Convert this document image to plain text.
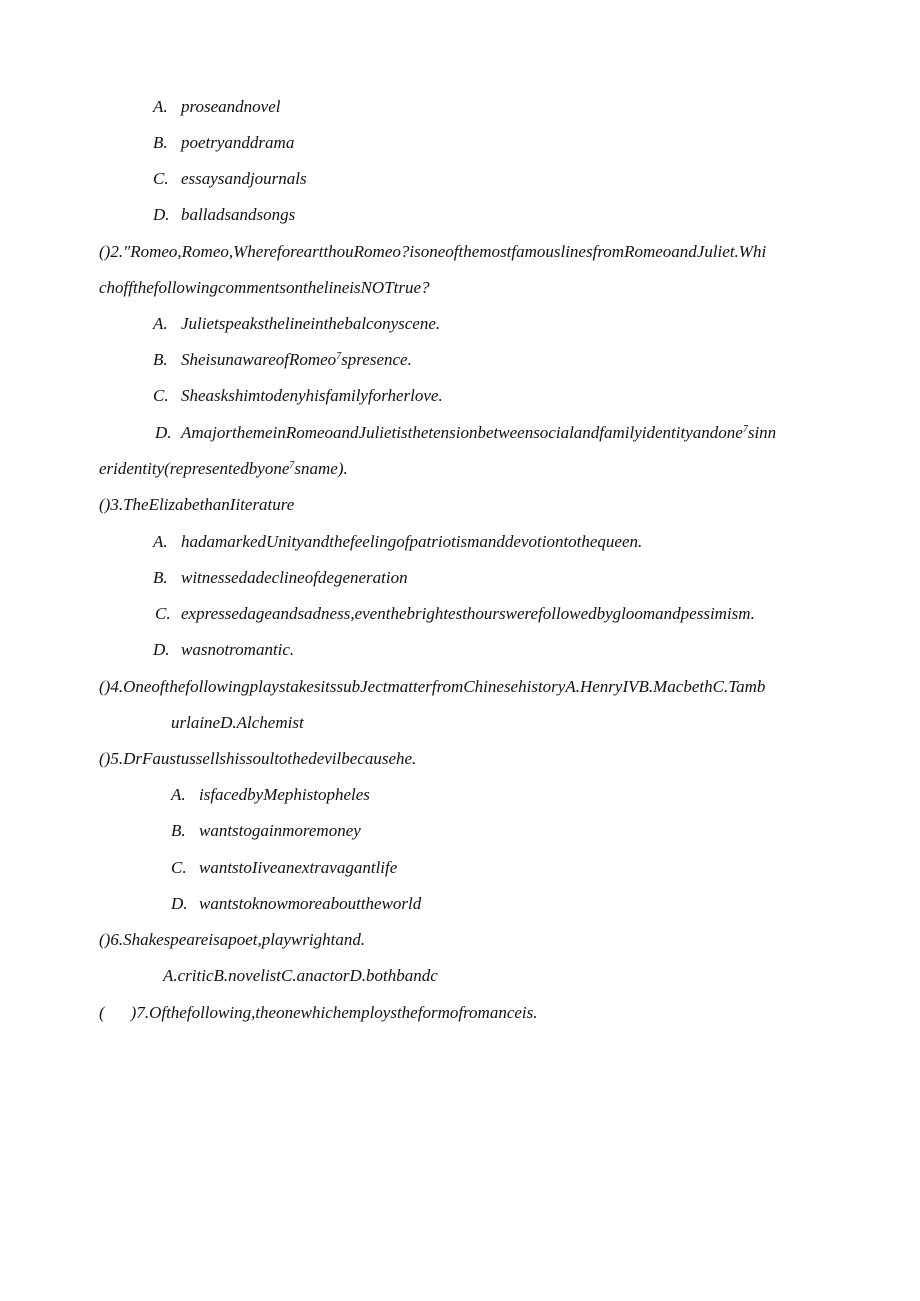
A. proseandnovel
B. poetryanddrama
C. essaysandjournals
D. balladsandsongs
()2."Romeo,Romeo,WhereforeartthouRomeo?isoneofthemostfamouslinesfromRomeoandJuliet.Whi
choffthefollowingcommentsonthelineisNOTtrue?
A. Julietspeaksthelineinthebalconyscene.
B. SheisunawareofRomeo$^7$spresence.
C. Sheaskshimtodenyhisfamilyforherlove.
D. AmajorthemeinRomeoandJulietisthetensionbetweensocialandfamilyidentityandone$^7$sinn
eridentity(representedbyone$^7$sname).
()3.TheElizabethanIiterature
A. hadamarkedUnityandthefeelingofpatriotismanddevotiontothequeen.
B. witnessedadeclineofdegeneration
C. expressedageandsadness,eventhebrightesthourswerefollowedbygloomandpessimism.
D. wasnotromantic.
()4.OneofthefollowingplaystakesitssubJectmatterfromChinesehistoryA.HenryIVB.MacbethC.Tamb
urlaineD.Alchemist
()5.DrFaustussellshissoultothedevilbecausehe.
A. isfacedbyMephistopheles
B. wantstogainmoremoney
C. wantstoIiveanextravagantlife
D. wantstoknowmoreabouttheworld
()6.Shakespeareisapoet,playwrightand.
A.criticB.novelistC.anactorD.bothbandc
( )7.Ofthefollowing,theonewhichemploystheformofromanceis.
